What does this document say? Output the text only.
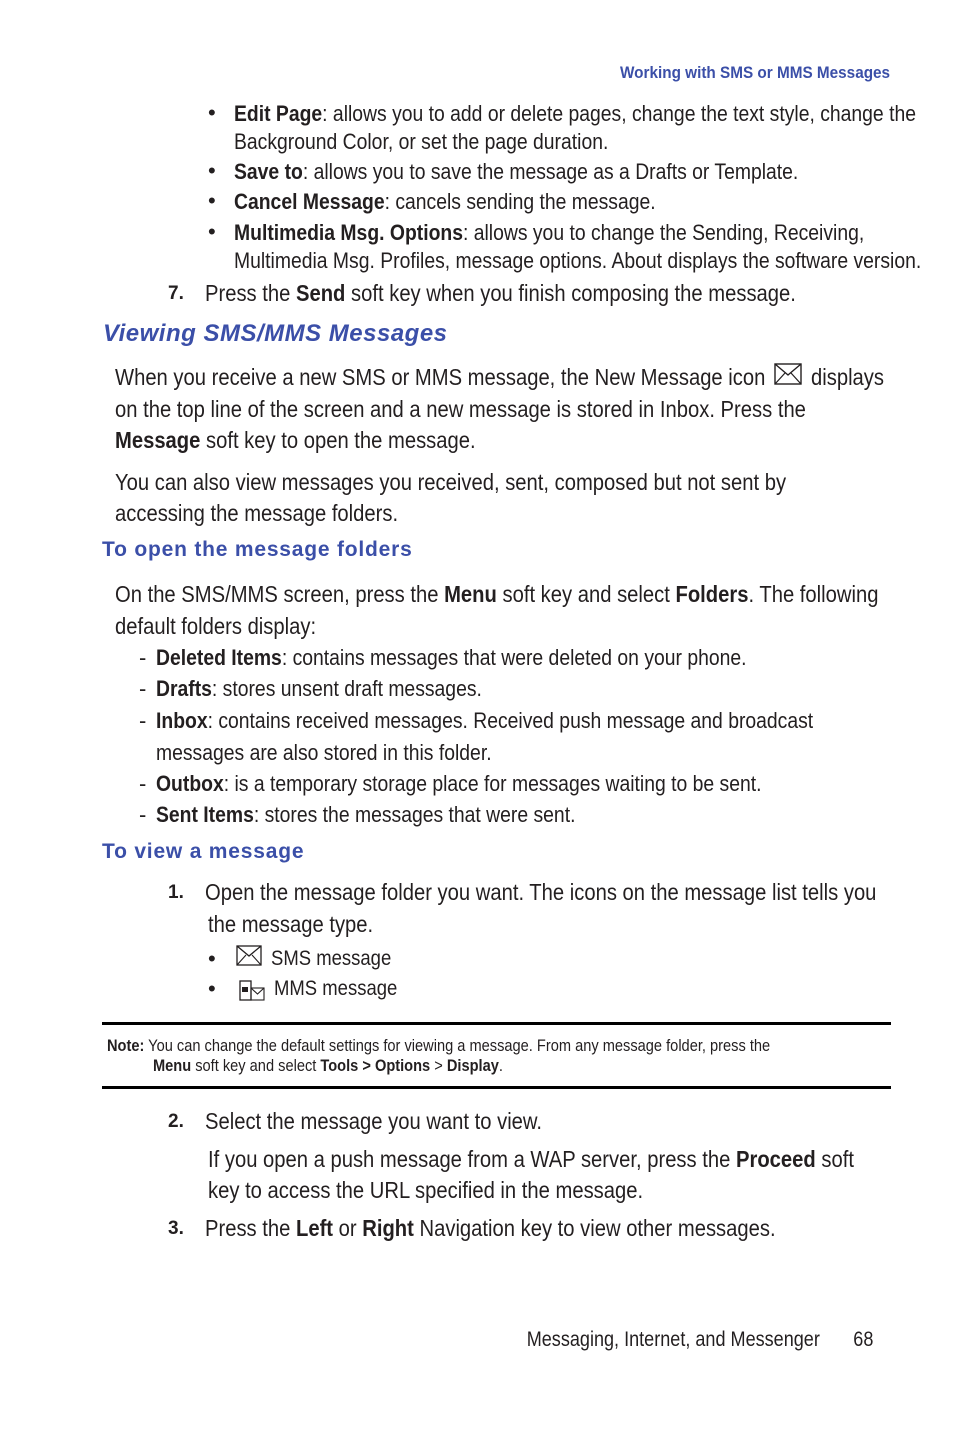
Working with SMS or MMS Messages
• Edit Page: allows you to add or delete pages, change the text style, change the
Background Color, or set the page duration.
• Save to: allows you to save the message as a Drafts or Template.
• Cancel Message: cancels sending the message.
• Multimedia Msg. Options: allows you to change the Sending, Receiving,
Multimedia Msg. Profiles, message options. About displays the software version.
7. Press the Send soft key when you finish composing the message.
Viewing SMS/MMS Messages
When you receive a new SMS or MMS message, the New Message icon  displays
on the top line of the screen and a new message is stored in Inbox. Press the
Message soft key to open the message.
You can also view messages you received, sent, composed but not sent by
accessing the message folders.
To open the message folders
On the SMS/MMS screen, press the Menu soft key and select Folders. The following
default folders display:
- Deleted Items: contains messages that were deleted on your phone.
- Drafts: stores unsent draft messages.
- Inbox: contains received messages. Received push message and broadcast
messages are also stored in this folder.
- Outbox: is a temporary storage place for messages waiting to be sent.
- Sent Items: stores the messages that were sent.
To view a message
1. Open the message folder you want. The icons on the message list tells you
the message type.
•	SMS message
•	MMS message
Note: You can change the default settings for viewing a message. From any message folder, press the
Menu soft key and select Tools > Options > Display.
2. Select the message you want to view.
If you open a push message from a WAP server, press the Proceed soft
key to access the URL specified in the message.
3. Press the Left or Right Navigation key to view other messages.
Messaging, Internet, and Messenger 68
